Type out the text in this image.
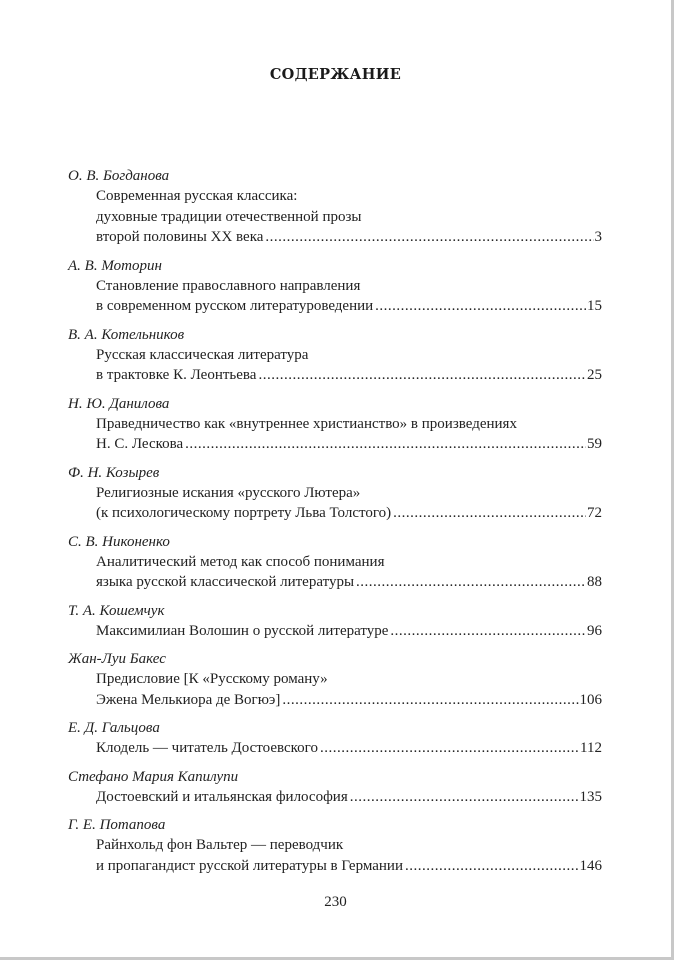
СОДЕРЖАНИЕ
О. В. Богданова
Современная русская классика:
духовные традиции отечественной прозы
второй половины XX века .....	3
А. В. Моторин
Становление православного направления
в современном русском литературоведении .....	15
В. А. Котельников
Русская классическая литература
в трактовке К. Леонтьева .....	25
Н. Ю. Данилова
Праведничество как «внутреннее христианство» в произведениях
Н. С. Лескова .....	59
Ф. Н. Козырев
Религиозные искания «русского Лютера»
(к психологическому портрету Льва Толстого) .....	72
С. В. Никоненко
Аналитический метод как способ понимания
языка русской классической литературы .....	88
Т. А. Кошемчук
Максимилиан Волошин о русской литературе .....	96
Жан-Луи Бакес
Предисловие [К «Русскому роману»
Эжена Мелькиора де Вогюэ] .....	106
Е. Д. Гальцова
Клодель — читатель Достоевского .....	112
Стефано Мария Капилупи
Достоевский и итальянская философия .....	135
Г. Е. Потапова
Райнхольд фон Вальтер — переводчик
и пропагандист русской литературы в Германии .....	146
230
